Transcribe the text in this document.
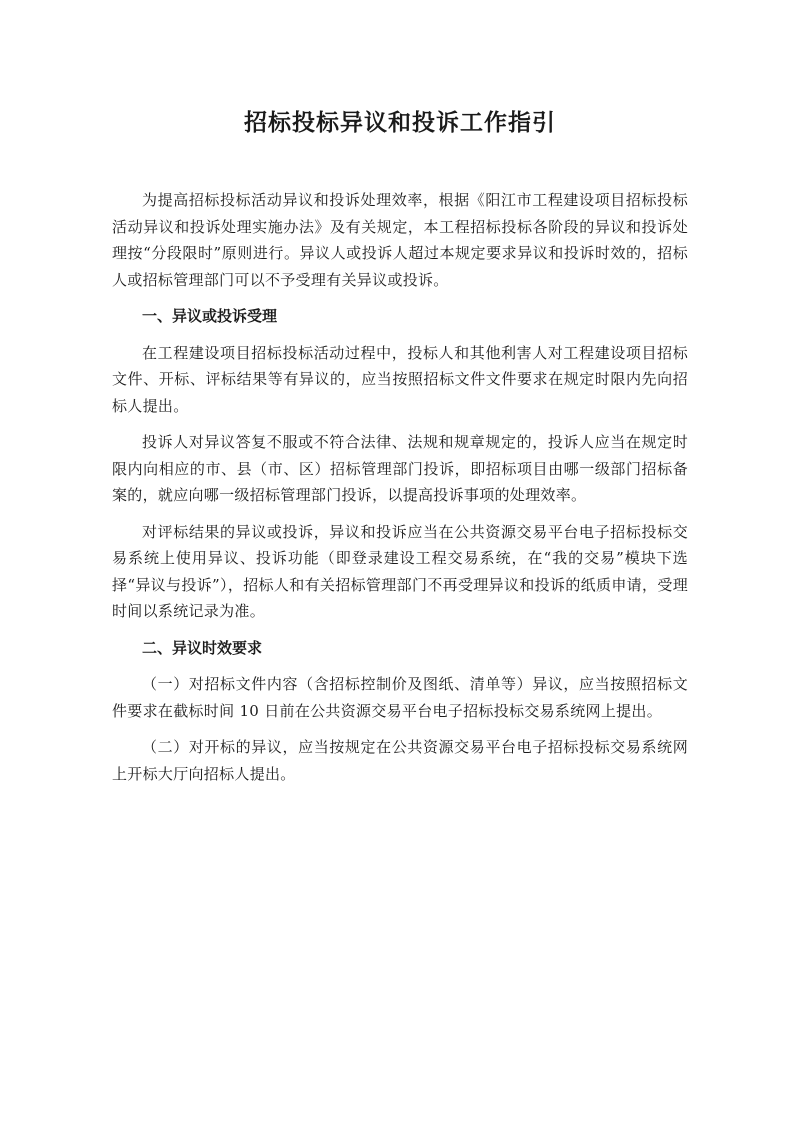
招标投标异议和投诉工作指引

为提高招标投标活动异议和投诉处理效率，根据《阳江市工程建设项目招标投标活动异议和投诉处理实施办法》及有关规定，本工程招标投标各阶段的异议和投诉处理按“分段限时”原则进行。异议人或投诉人超过本规定要求异议和投诉时效的，招标人或招标管理部门可以不予受理有关异议或投诉。

一、异议或投诉受理

在工程建设项目招标投标活动过程中，投标人和其他利害人对工程建设项目招标文件、开标、评标结果等有异议的，应当按照招标文件文件要求在规定时限内先向招标人提出。

投诉人对异议答复不服或不符合法律、法规和规章规定的，投诉人应当在规定时限内向相应的市、县（市、区）招标管理部门投诉，即招标项目由哪一级部门招标备案的，就应向哪一级招标管理部门投诉，以提高投诉事项的处理效率。

对评标结果的异议或投诉，异议和投诉应当在公共资源交易平台电子招标投标交易系统上使用异议、投诉功能（即登录建设工程交易系统，在“我的交易”模块下选择“异议与投诉”），招标人和有关招标管理部门不再受理异议和投诉的纸质申请，受理时间以系统记录为准。

二、异议时效要求

（一）对招标文件内容（含招标控制价及图纸、清单等）异议，应当按照招标文件要求在截标时间 10 日前在公共资源交易平台电子招标投标交易系统网上提出。

（二）对开标的异议，应当按规定在公共资源交易平台电子招标投标交易系统网上开标大厅向招标人提出。
